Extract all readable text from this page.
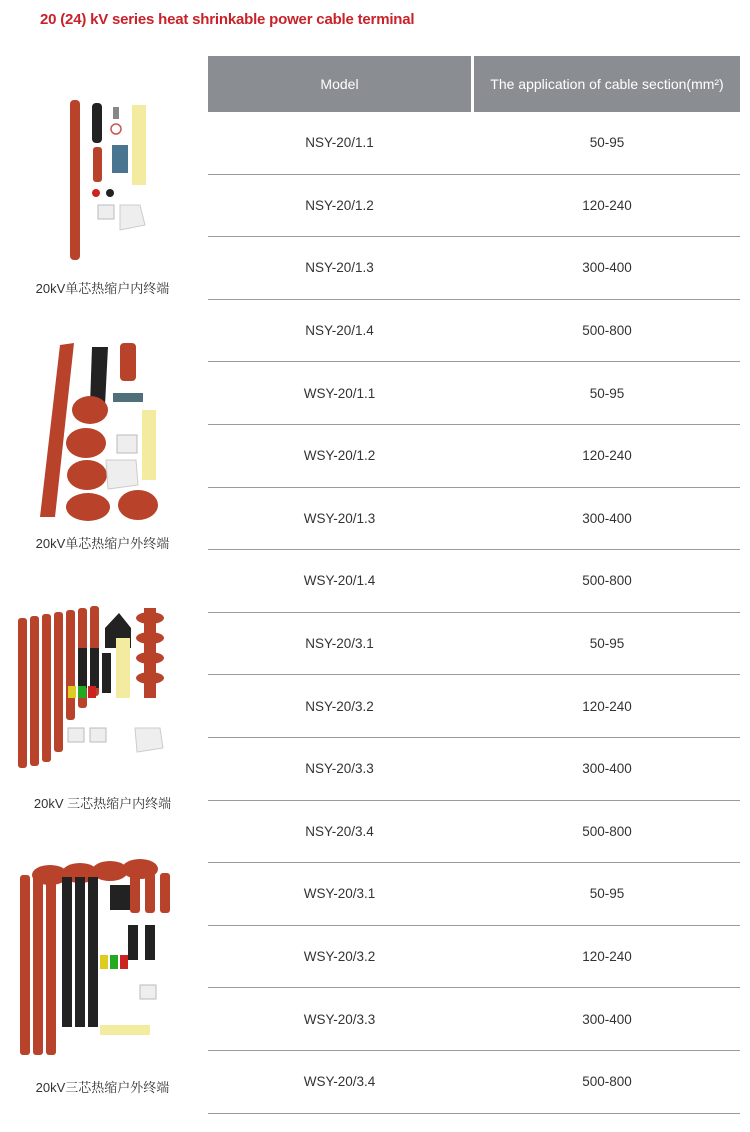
20 (24) kV series heat shrinkable power cable terminal
20kV单芯热缩户内终端
20kV单芯热缩户外终端
20kV 三芯热缩户内终端
20kV三芯热缩户外终端
Model	The application of cable section(mm²)
NSY-20/1.1	50-95
NSY-20/1.2	120-240
NSY-20/1.3	300-400
NSY-20/1.4	500-800
WSY-20/1.1	50-95
WSY-20/1.2	120-240
WSY-20/1.3	300-400
WSY-20/1.4	500-800
NSY-20/3.1	50-95
NSY-20/3.2	120-240
NSY-20/3.3	300-400
NSY-20/3.4	500-800
WSY-20/3.1	50-95
WSY-20/3.2	120-240
WSY-20/3.3	300-400
WSY-20/3.4	500-800
